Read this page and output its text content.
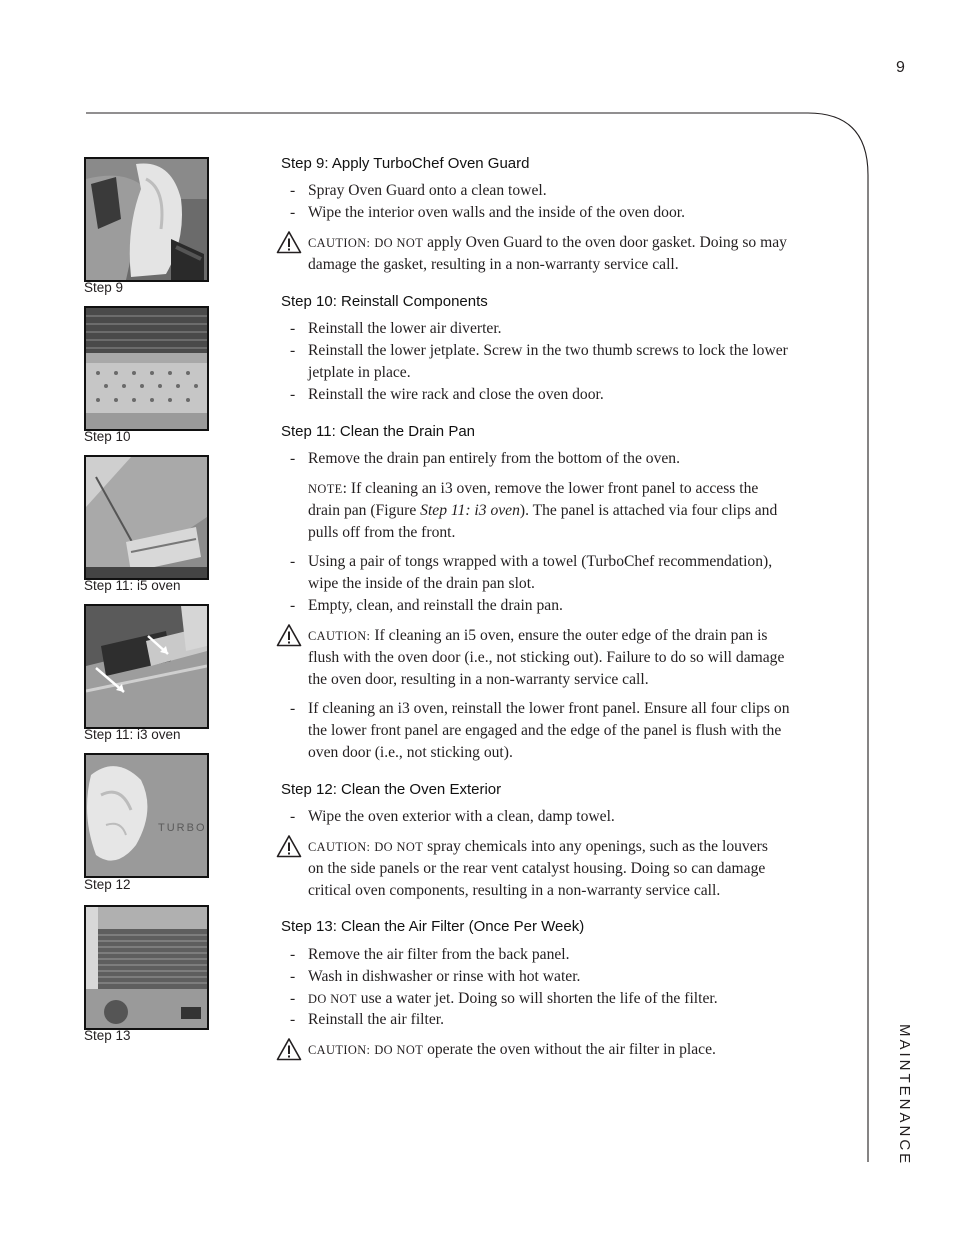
9
MAINTENANCE
Step 9
Step 10
Step 11: i5 oven
Step 11: i3 oven
TURBO
Step 12
Step 13
Step 9: Apply TurboChef Oven Guard
- Spray Oven Guard onto a clean towel.
- Wipe the interior oven walls and the inside of the oven door.
CAUTION: DO NOT apply Oven Guard to the oven door gasket. Doing so may
damage the gasket, resulting in a non-warranty service call.
Step 10: Reinstall Components
- Reinstall the lower air diverter.
- Reinstall the lower jetplate. Screw in the two thumb screws to lock the lower
jetplate in place.
- Reinstall the wire rack and close the oven door.
Step 11: Clean the Drain Pan
- Remove the drain pan entirely from the bottom of the oven.
NOTE: If cleaning an i3 oven, remove the lower front panel to access the
drain pan (Figure Step 11: i3 oven). The panel is attached via four clips and
pulls off from the front.
- Using a pair of tongs wrapped with a towel (TurboChef recommendation),
wipe the inside of the drain pan slot.
- Empty, clean, and reinstall the drain pan.
CAUTION: If cleaning an i5 oven, ensure the outer edge of the drain pan is
flush with the oven door (i.e., not sticking out). Failure to do so will damage
the oven door, resulting in a non-warranty service call.
- If cleaning an i3 oven, reinstall the lower front panel. Ensure all four clips on
the lower front panel are engaged and the edge of the panel is flush with the
oven door (i.e., not sticking out).
Step 12: Clean the Oven Exterior
- Wipe the oven exterior with a clean, damp towel.
CAUTION: DO NOT spray chemicals into any openings, such as the louvers
on the side panels or the rear vent catalyst housing. Doing so can damage
critical oven components, resulting in a non-warranty service call.
Step 13: Clean the Air Filter (Once Per Week)
- Remove the air filter from the back panel.
- Wash in dishwasher or rinse with hot water.
- DO NOT use a water jet. Doing so will shorten the life of the filter.
- Reinstall the air filter.
CAUTION: DO NOT operate the oven without the air filter in place.
